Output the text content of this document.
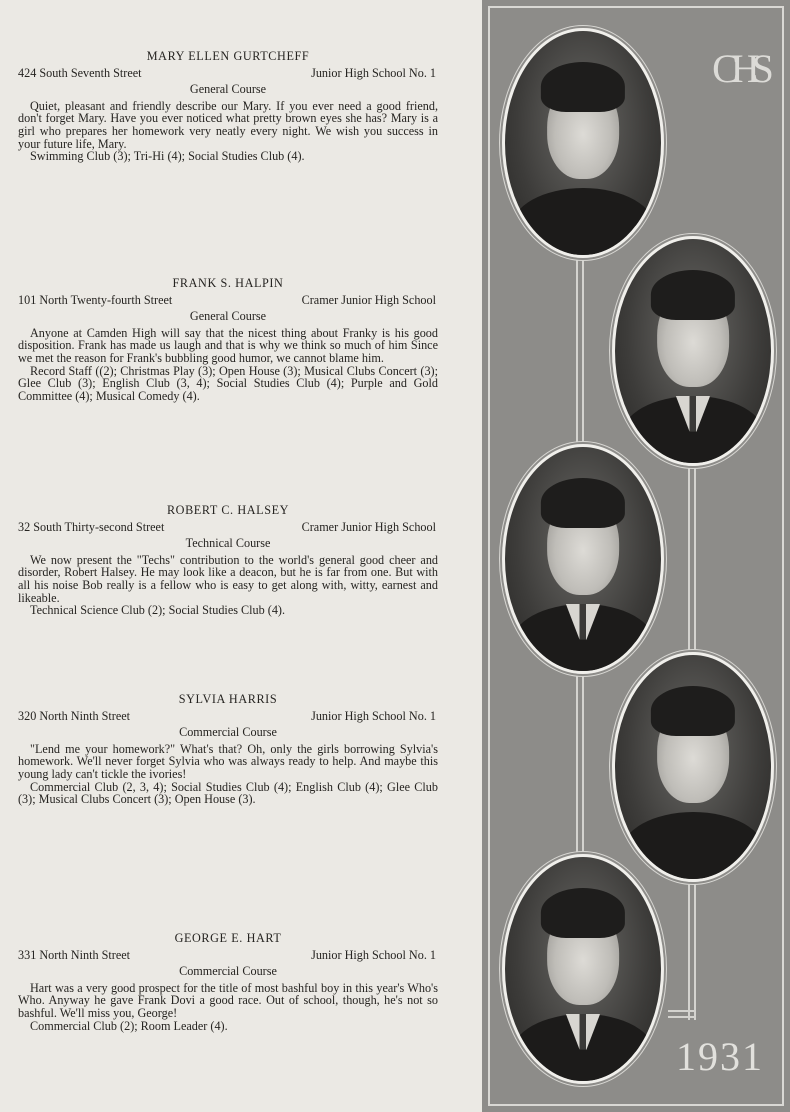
MARY ELLEN GURTCHEFF
424 South Seventh Street	Junior High School No. 1
General Course
Quiet, pleasant and friendly describe our Mary. If you ever need a good friend, don't forget Mary. Have you ever noticed what pretty brown eyes she has? Mary is a girl who prepares her homework very neatly every night. We wish you success in your future life, Mary.
Swimming Club (3); Tri-Hi (4); Social Studies Club (4).
FRANK S. HALPIN
101 North Twenty-fourth Street	Cramer Junior High School
General Course
Anyone at Camden High will say that the nicest thing about Franky is his good disposition. Frank has made us laugh and that is why we think so much of him Since we met the reason for Frank's bubbling good humor, we cannot blame him.
Record Staff ((2); Christmas Play (3); Open House (3); Musical Clubs Concert (3); Glee Club (3); English Club (3, 4); Social Studies Club (4); Purple and Gold Committee (4); Musical Comedy (4).
ROBERT C. HALSEY
32 South Thirty-second Street	Cramer Junior High School
Technical Course
We now present the "Techs" contribution to the world's general good cheer and disorder, Robert Halsey. He may look like a deacon, but he is far from one. But with all his noise Bob really is a fellow who is easy to get along with, witty, earnest and likeable.
Technical Science Club (2); Social Studies Club (4).
SYLVIA HARRIS
320 North Ninth Street	Junior High School No. 1
Commercial Course
"Lend me your homework?" What's that? Oh, only the girls borrowing Sylvia's homework. We'll never forget Sylvia who was always ready to help. And maybe this young lady can't tickle the ivories!
Commercial Club (2, 3, 4); Social Studies Club (4); English Club (4); Glee Club (3); Musical Clubs Concert (3); Open House (3).
GEORGE E. HART
331 North Ninth Street	Junior High School No. 1
Commercial Course
Hart was a very good prospect for the title of most bashful boy in this year's Who's Who. Anyway he gave Frank Dovi a good race. Out of school, though, he's not so bashful. We'll miss you, George!
Commercial Club (2); Room Leader (4).
CHS
1931
